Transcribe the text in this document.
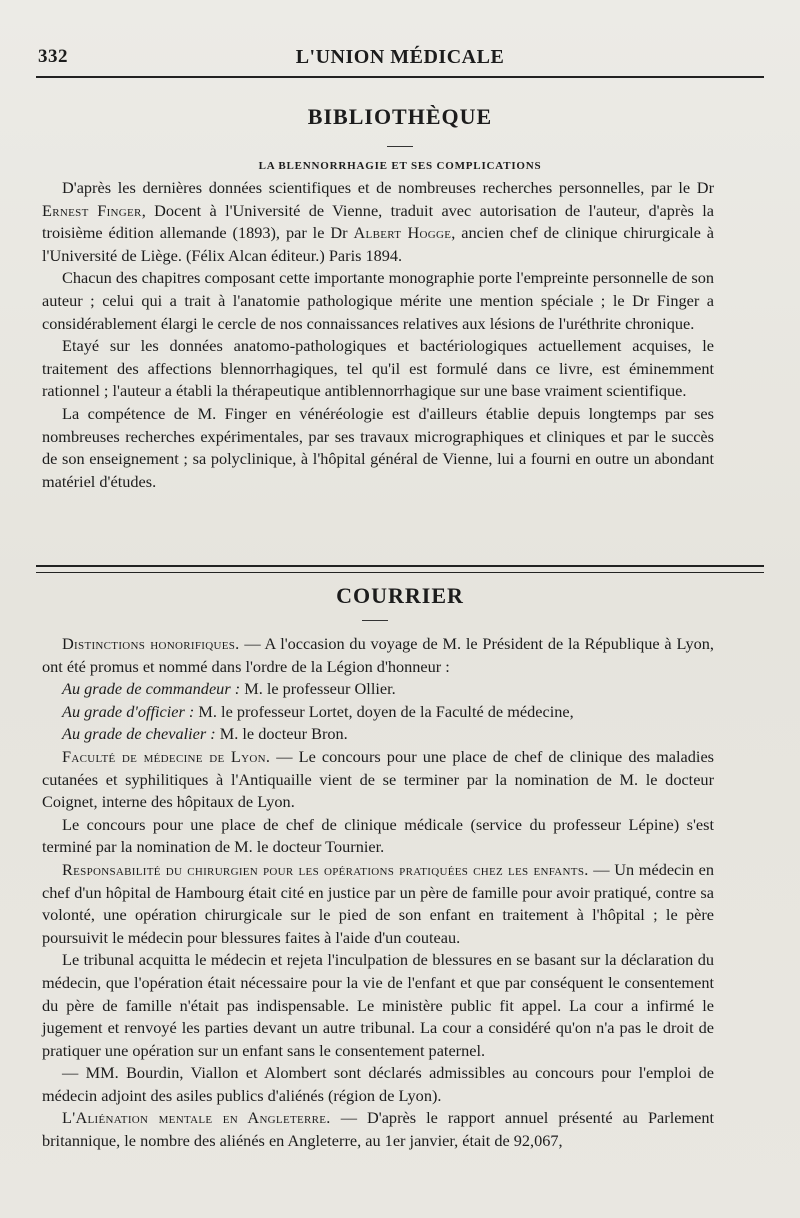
332	L'UNION MÉDICALE
BIBLIOTHÈQUE
LA BLENNORRHAGIE ET SES COMPLICATIONS

D'après les dernières données scientifiques et de nombreuses recherches personnelles, par le Dr Ernest Finger, Docent à l'Université de Vienne, traduit avec autorisation de l'auteur, d'après la troisième édition allemande (1893), par le Dr Albert Hogge, ancien chef de clinique chirurgicale à l'Université de Liège. (Félix Alcan éditeur.) Paris 1894.

Chacun des chapitres composant cette importante monographie porte l'empreinte personnelle de son auteur ; celui qui a trait à l'anatomie pathologique mérite une mention spéciale ; le Dr Finger a considérablement élargi le cercle de nos connaissances relatives aux lésions de l'uréthrite chronique.

Etayé sur les données anatomo-pathologiques et bactériologiques actuellement acquises, le traitement des affections blennorrhagiques, tel qu'il est formulé dans ce livre, est éminemment rationnel ; l'auteur a établi la thérapeutique antiblennorrhagique sur une base vraiment scientifique.

La compétence de M. Finger en vénéréologie est d'ailleurs établie depuis longtemps par ses nombreuses recherches expérimentales, par ses travaux micrographiques et cliniques et par le succès de son enseignement ; sa polyclinique, à l'hôpital général de Vienne, lui a fourni en outre un abondant matériel d'études.

COURRIER

Distinctions honorifiques. — A l'occasion du voyage de M. le Président de la République à Lyon, ont été promus et nommé dans l'ordre de la Légion d'honneur :

Au grade de commandeur : M. le professeur Ollier.

Au grade d'officier : M. le professeur Lortet, doyen de la Faculté de médecine,

Au grade de chevalier : M. le docteur Bron.

Faculté de médecine de Lyon. — Le concours pour une place de chef de clinique des maladies cutanées et syphilitiques à l'Antiquaille vient de se terminer par la nomination de M. le docteur Coignet, interne des hôpitaux de Lyon.

Le concours pour une place de chef de clinique médicale (service du professeur Lépine) s'est terminé par la nomination de M. le docteur Tournier.

Responsabilité du chirurgien pour les opérations pratiquées chez les enfants. — Un médecin en chef d'un hôpital de Hambourg était cité en justice par un père de famille pour avoir pratiqué, contre sa volonté, une opération chirurgicale sur le pied de son enfant en traitement à l'hôpital ; le père poursuivit le médecin pour blessures faites à l'aide d'un couteau.

Le tribunal acquitta le médecin et rejeta l'inculpation de blessures en se basant sur la déclaration du médecin, que l'opération était nécessaire pour la vie de l'enfant et que par conséquent le consentement du père de famille n'était pas indispensable. Le ministère public fit appel. La cour a infirmé le jugement et renvoyé les parties devant un autre tribunal. La cour a considéré qu'on n'a pas le droit de pratiquer une opération sur un enfant sans le consentement paternel.

— MM. Bourdin, Viallon et Alombert sont déclarés admissibles au concours pour l'emploi de médecin adjoint des asiles publics d'aliénés (région de Lyon).

L'Aliénation mentale en Angleterre. — D'après le rapport annuel présenté au Parlement britannique, le nombre des aliénés en Angleterre, au 1er janvier, était de 92,067,
